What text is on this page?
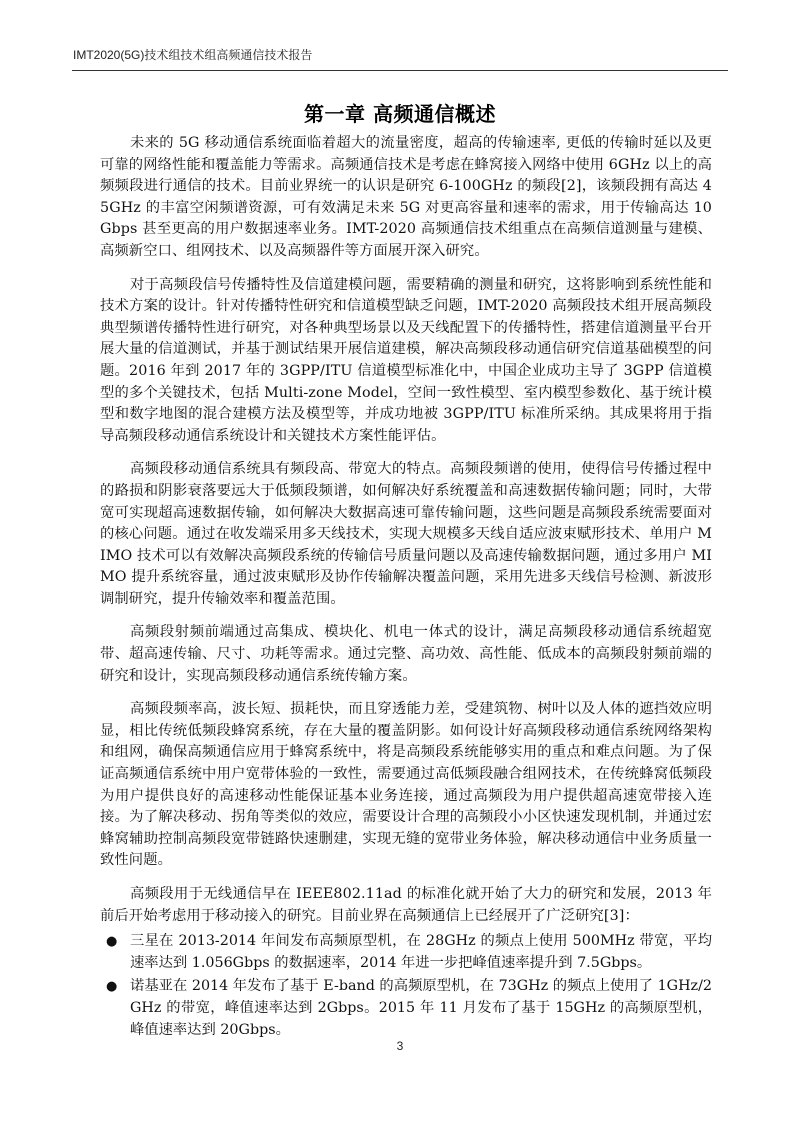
IMT2020(5G)技术组技术组高频通信技术报告
第一章 高频通信概述

未来的 5G 移动通信系统面临着超大的流量密度，超高的传输速率, 更低的传输时延以及更可靠的网络性能和覆盖能力等需求。高频通信技术是考虑在蜂窝接入网络中使用 6GHz 以上的高频频段进行通信的技术。目前业界统一的认识是研究 6-100GHz 的频段[2]，该频段拥有高达 45GHz 的丰富空闲频谱资源，可有效满足未来 5G 对更高容量和速率的需求，用于传输高达 10Gbps 甚至更高的用户数据速率业务。IMT-2020 高频通信技术组重点在高频信道测量与建模、高频新空口、组网技术、以及高频器件等方面展开深入研究。

对于高频段信号传播特性及信道建模问题，需要精确的测量和研究，这将影响到系统性能和技术方案的设计。针对传播特性研究和信道模型缺乏问题，IMT-2020 高频段技术组开展高频段典型频谱传播特性进行研究，对各种典型场景以及天线配置下的传播特性，搭建信道测量平台开展大量的信道测试，并基于测试结果开展信道建模，解决高频段移动通信研究信道基础模型的问题。2016 年到 2017 年的 3GPP/ITU 信道模型标准化中，中国企业成功主导了 3GPP 信道模型的多个关键技术，包括 Multi-zone Model，空间一致性模型、室内模型参数化、基于统计模型和数字地图的混合建模方法及模型等，并成功地被 3GPP/ITU 标准所采纳。其成果将用于指导高频段移动通信系统设计和关键技术方案性能评估。

高频段移动通信系统具有频段高、带宽大的特点。高频段频谱的使用，使得信号传播过程中的路损和阴影衰落要远大于低频段频谱，如何解决好系统覆盖和高速数据传输问题；同时，大带宽可实现超高速数据传输，如何解决大数据高速可靠传输问题，这些问题是高频段系统需要面对的核心问题。通过在收发端采用多天线技术，实现大规模多天线自适应波束赋形技术、单用户 MIMO 技术可以有效解决高频段系统的传输信号质量问题以及高速传输数据问题，通过多用户 MIMO 提升系统容量，通过波束赋形及协作传输解决覆盖问题，采用先进多天线信号检测、新波形调制研究，提升传输效率和覆盖范围。

高频段射频前端通过高集成、模块化、机电一体式的设计，满足高频段移动通信系统超宽带、超高速传输、尺寸、功耗等需求。通过完整、高功效、高性能、低成本的高频段射频前端的研究和设计，实现高频段移动通信系统传输方案。

高频段频率高，波长短、损耗快，而且穿透能力差，受建筑物、树叶以及人体的遮挡效应明显，相比传统低频段蜂窝系统，存在大量的覆盖阴影。如何设计好高频段移动通信系统网络架构和组网，确保高频通信应用于蜂窝系统中，将是高频段系统能够实用的重点和难点问题。为了保证高频通信系统中用户宽带体验的一致性，需要通过高低频段融合组网技术，在传统蜂窝低频段为用户提供良好的高速移动性能保证基本业务连接，通过高频段为用户提供超高速宽带接入连接。为了解决移动、拐角等类似的效应，需要设计合理的高频段小小区快速发现机制，并通过宏蜂窝辅助控制高频段宽带链路快速删建，实现无缝的宽带业务体验，解决移动通信中业务质量一致性问题。

高频段用于无线通信早在 IEEE802.11ad 的标准化就开始了大力的研究和发展，2013 年前后开始考虑用于移动接入的研究。目前业界在高频通信上已经展开了广泛研究[3]：

● 三星在 2013-2014 年间发布高频原型机，在 28GHz 的频点上使用 500MHz 带宽，平均速率达到 1.056Gbps 的数据速率，2014 年进一步把峰值速率提升到 7.5Gbps。
● 诺基亚在 2014 年发布了基于 E-band 的高频原型机，在 73GHz 的频点上使用了 1GHz/2GHz 的带宽，峰值速率达到 2Gbps。2015 年 11 月发布了基于 15GHz 的高频原型机，峰值速率达到 20Gbps。
3
